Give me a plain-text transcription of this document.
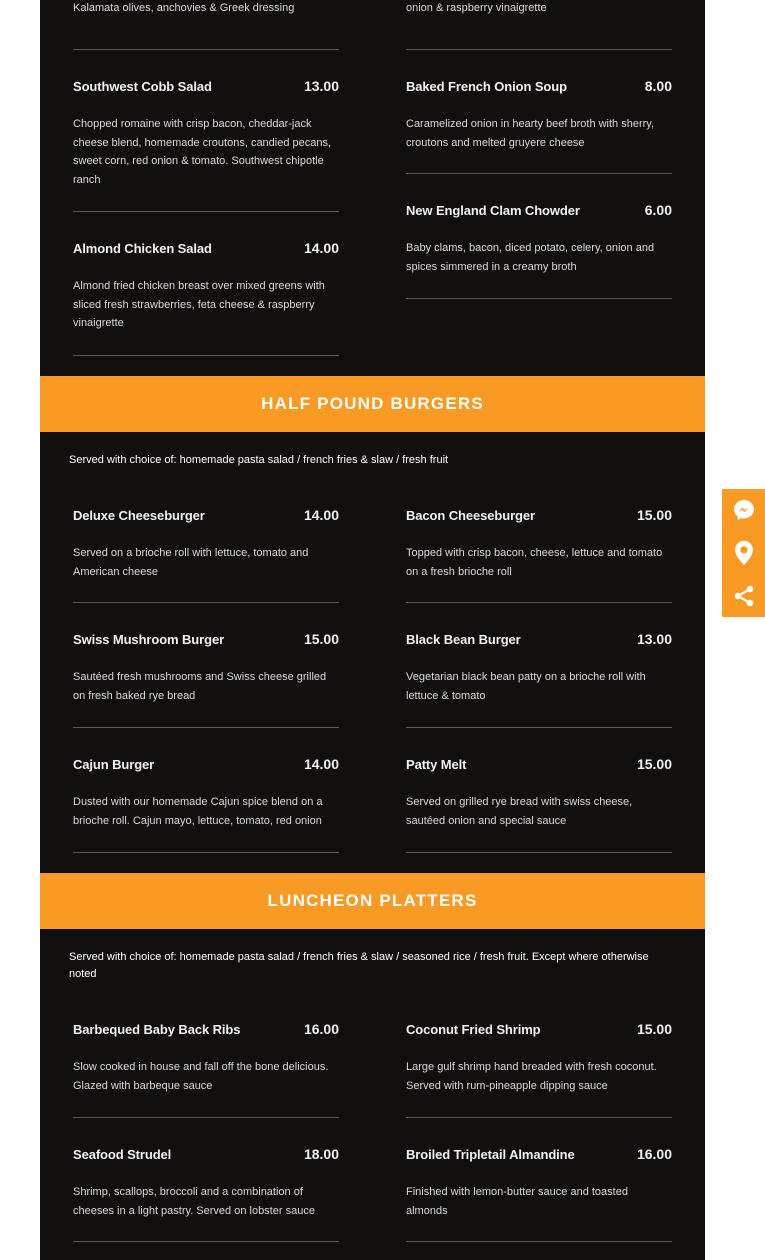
Kalamata olives, anchovies & Greek dressing	onion & raspberry vinaigrette
Southwest Cobb Salad	13.00
Chopped romaine with crisp bacon, cheddar-jack cheese blend, homemade croutons, candied pecans, sweet corn, red onion & tomato. Southwest chipotle ranch
Baked French Onion Soup	8.00
Caramelized onion in hearty beef broth with sherry, croutons and melted gruyere cheese
New England Clam Chowder	6.00
Baby clams, bacon, diced potato, celery, onion and spices simmered in a creamy broth
Almond Chicken Salad	14.00
Almond fried chicken breast over mixed greens with sliced fresh strawberries, feta cheese & raspberry vinaigrette
HALF POUND BURGERS
Served with choice of: homemade pasta salad / french fries & slaw / fresh fruit
Deluxe Cheeseburger	14.00
Served on a brioche roll with lettuce, tomato and American cheese
Bacon Cheeseburger	15.00
Topped with crisp bacon, cheese, lettuce and tomato on a fresh brioche roll
Swiss Mushroom Burger	15.00
Sautéed fresh mushrooms and Swiss cheese grilled on fresh baked rye bread
Black Bean Burger	13.00
Vegetarian black bean patty on a brioche roll with lettuce & tomato
Cajun Burger	14.00
Dusted with our homemade Cajun spice blend on a brioche roll. Cajun mayo, lettuce, tomato, red onion
Patty Melt	15.00
Served on grilled rye bread with swiss cheese, sautéed onion and special sauce
LUNCHEON PLATTERS
Served with choice of: homemade pasta salad / french fries & slaw / seasoned rice / fresh fruit. Except where otherwise noted
Barbequed Baby Back Ribs	16.00
Slow cooked in house and fall off the bone delicious. Glazed with barbeque sauce
Coconut Fried Shrimp	15.00
Large gulf shrimp hand breaded with fresh coconut. Served with rum-pineapple dipping sauce
Seafood Strudel	18.00
Shrimp, scallops, broccoli and a combination of cheeses in a light pastry. Served on lobster sauce
Broiled Tripletail Almandine	16.00
Finished with lemon-butter sauce and toasted almonds
